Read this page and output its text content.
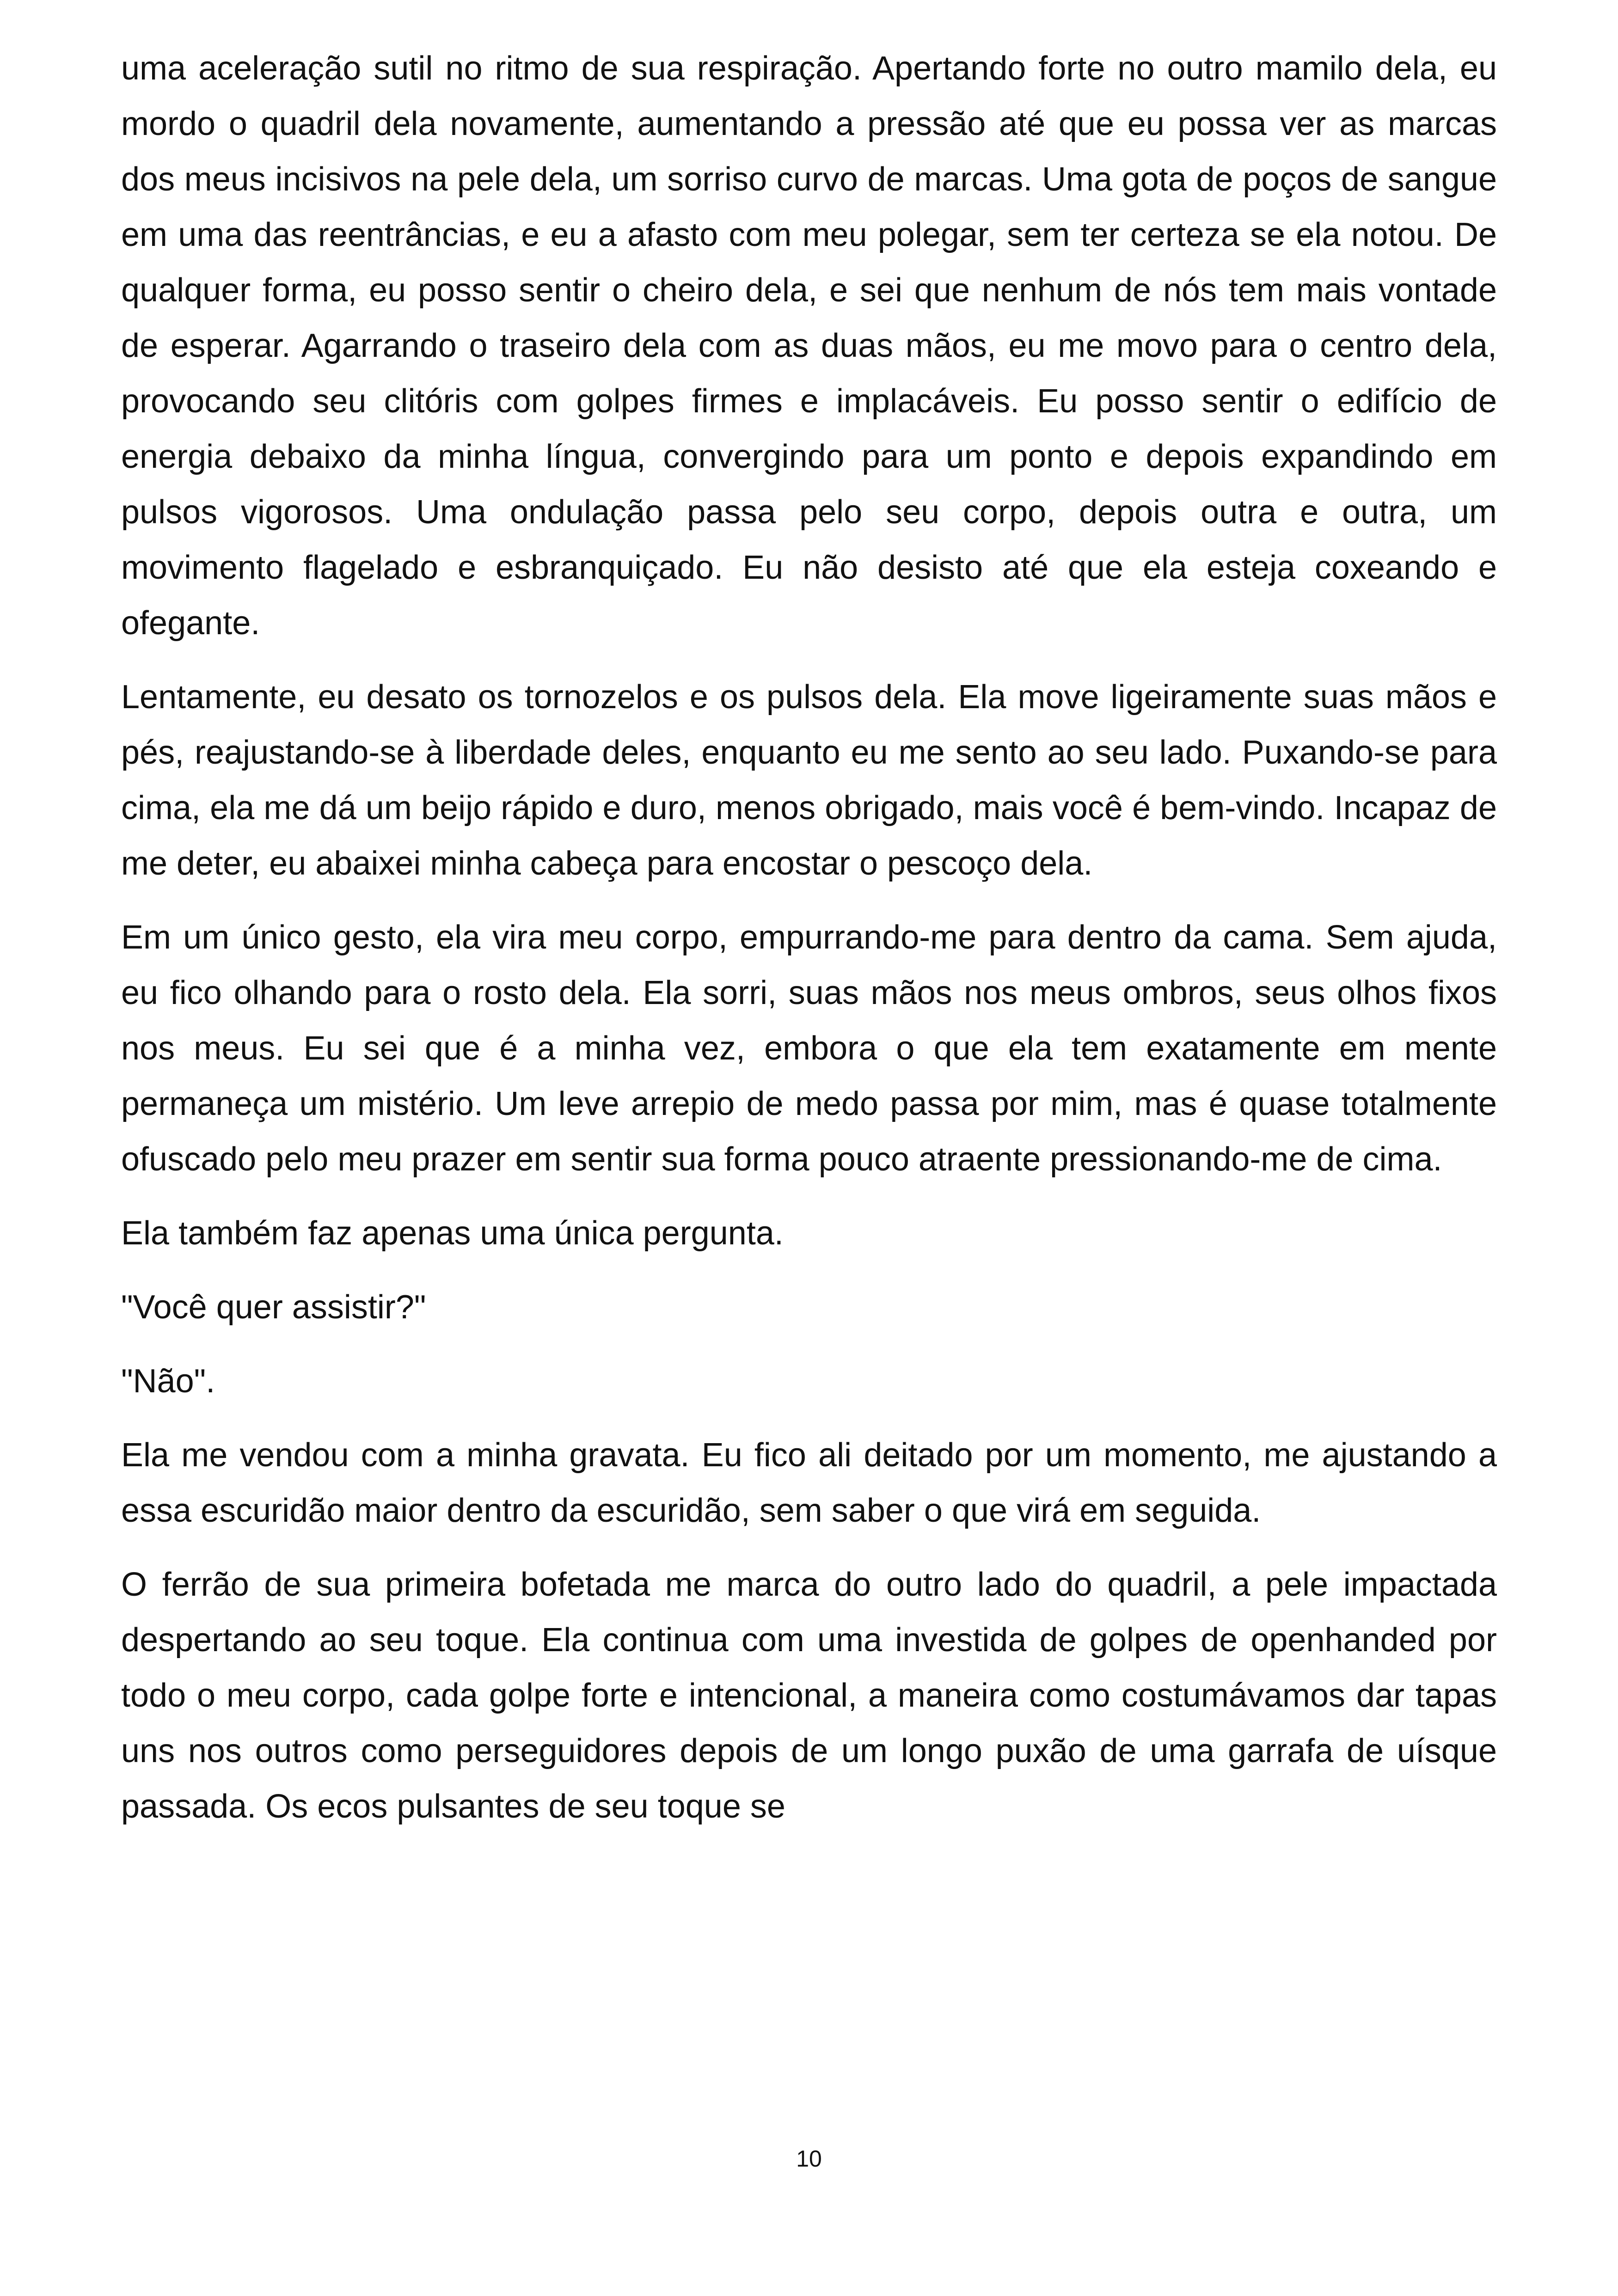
uma aceleração sutil no ritmo de sua respiração. Apertando forte no outro mamilo dela, eu mordo o quadril dela novamente, aumentando a pressão até que eu possa ver as marcas dos meus incisivos na pele dela, um sorriso curvo de marcas. Uma gota de poços de sangue em uma das reentrâncias, e eu a afasto com meu polegar, sem ter certeza se ela notou. De qualquer forma, eu posso sentir o cheiro dela, e sei que nenhum de nós tem mais vontade de esperar. Agarrando o traseiro dela com as duas mãos, eu me movo para o centro dela, provocando seu clitóris com golpes firmes e implacáveis. Eu posso sentir o edifício de energia debaixo da minha língua, convergindo para um ponto e depois expandindo em pulsos vigorosos. Uma ondulação passa pelo seu corpo, depois outra e outra, um movimento flagelado e esbranquiçado. Eu não desisto até que ela esteja coxeando e ofegante.

Lentamente, eu desato os tornozelos e os pulsos dela. Ela move ligeiramente suas mãos e pés, reajustando-se à liberdade deles, enquanto eu me sento ao seu lado. Puxando-se para cima, ela me dá um beijo rápido e duro, menos obrigado, mais você é bem-vindo. Incapaz de me deter, eu abaixei minha cabeça para encostar o pescoço dela.

Em um único gesto, ela vira meu corpo, empurrando-me para dentro da cama. Sem ajuda, eu fico olhando para o rosto dela. Ela sorri, suas mãos nos meus ombros, seus olhos fixos nos meus. Eu sei que é a minha vez, embora o que ela tem exatamente em mente permaneça um mistério. Um leve arrepio de medo passa por mim, mas é quase totalmente ofuscado pelo meu prazer em sentir sua forma pouco atraente pressionando-me de cima.

Ela também faz apenas uma única pergunta.

"Você quer assistir?"

"Não".

Ela me vendou com a minha gravata. Eu fico ali deitado por um momento, me ajustando a essa escuridão maior dentro da escuridão, sem saber o que virá em seguida.

O ferrão de sua primeira bofetada me marca do outro lado do quadril, a pele impactada despertando ao seu toque. Ela continua com uma investida de golpes de openhanded por todo o meu corpo, cada golpe forte e intencional, a maneira como costumávamos dar tapas uns nos outros como perseguidores depois de um longo puxão de uma garrafa de uísque passada. Os ecos pulsantes de seu toque se

10
